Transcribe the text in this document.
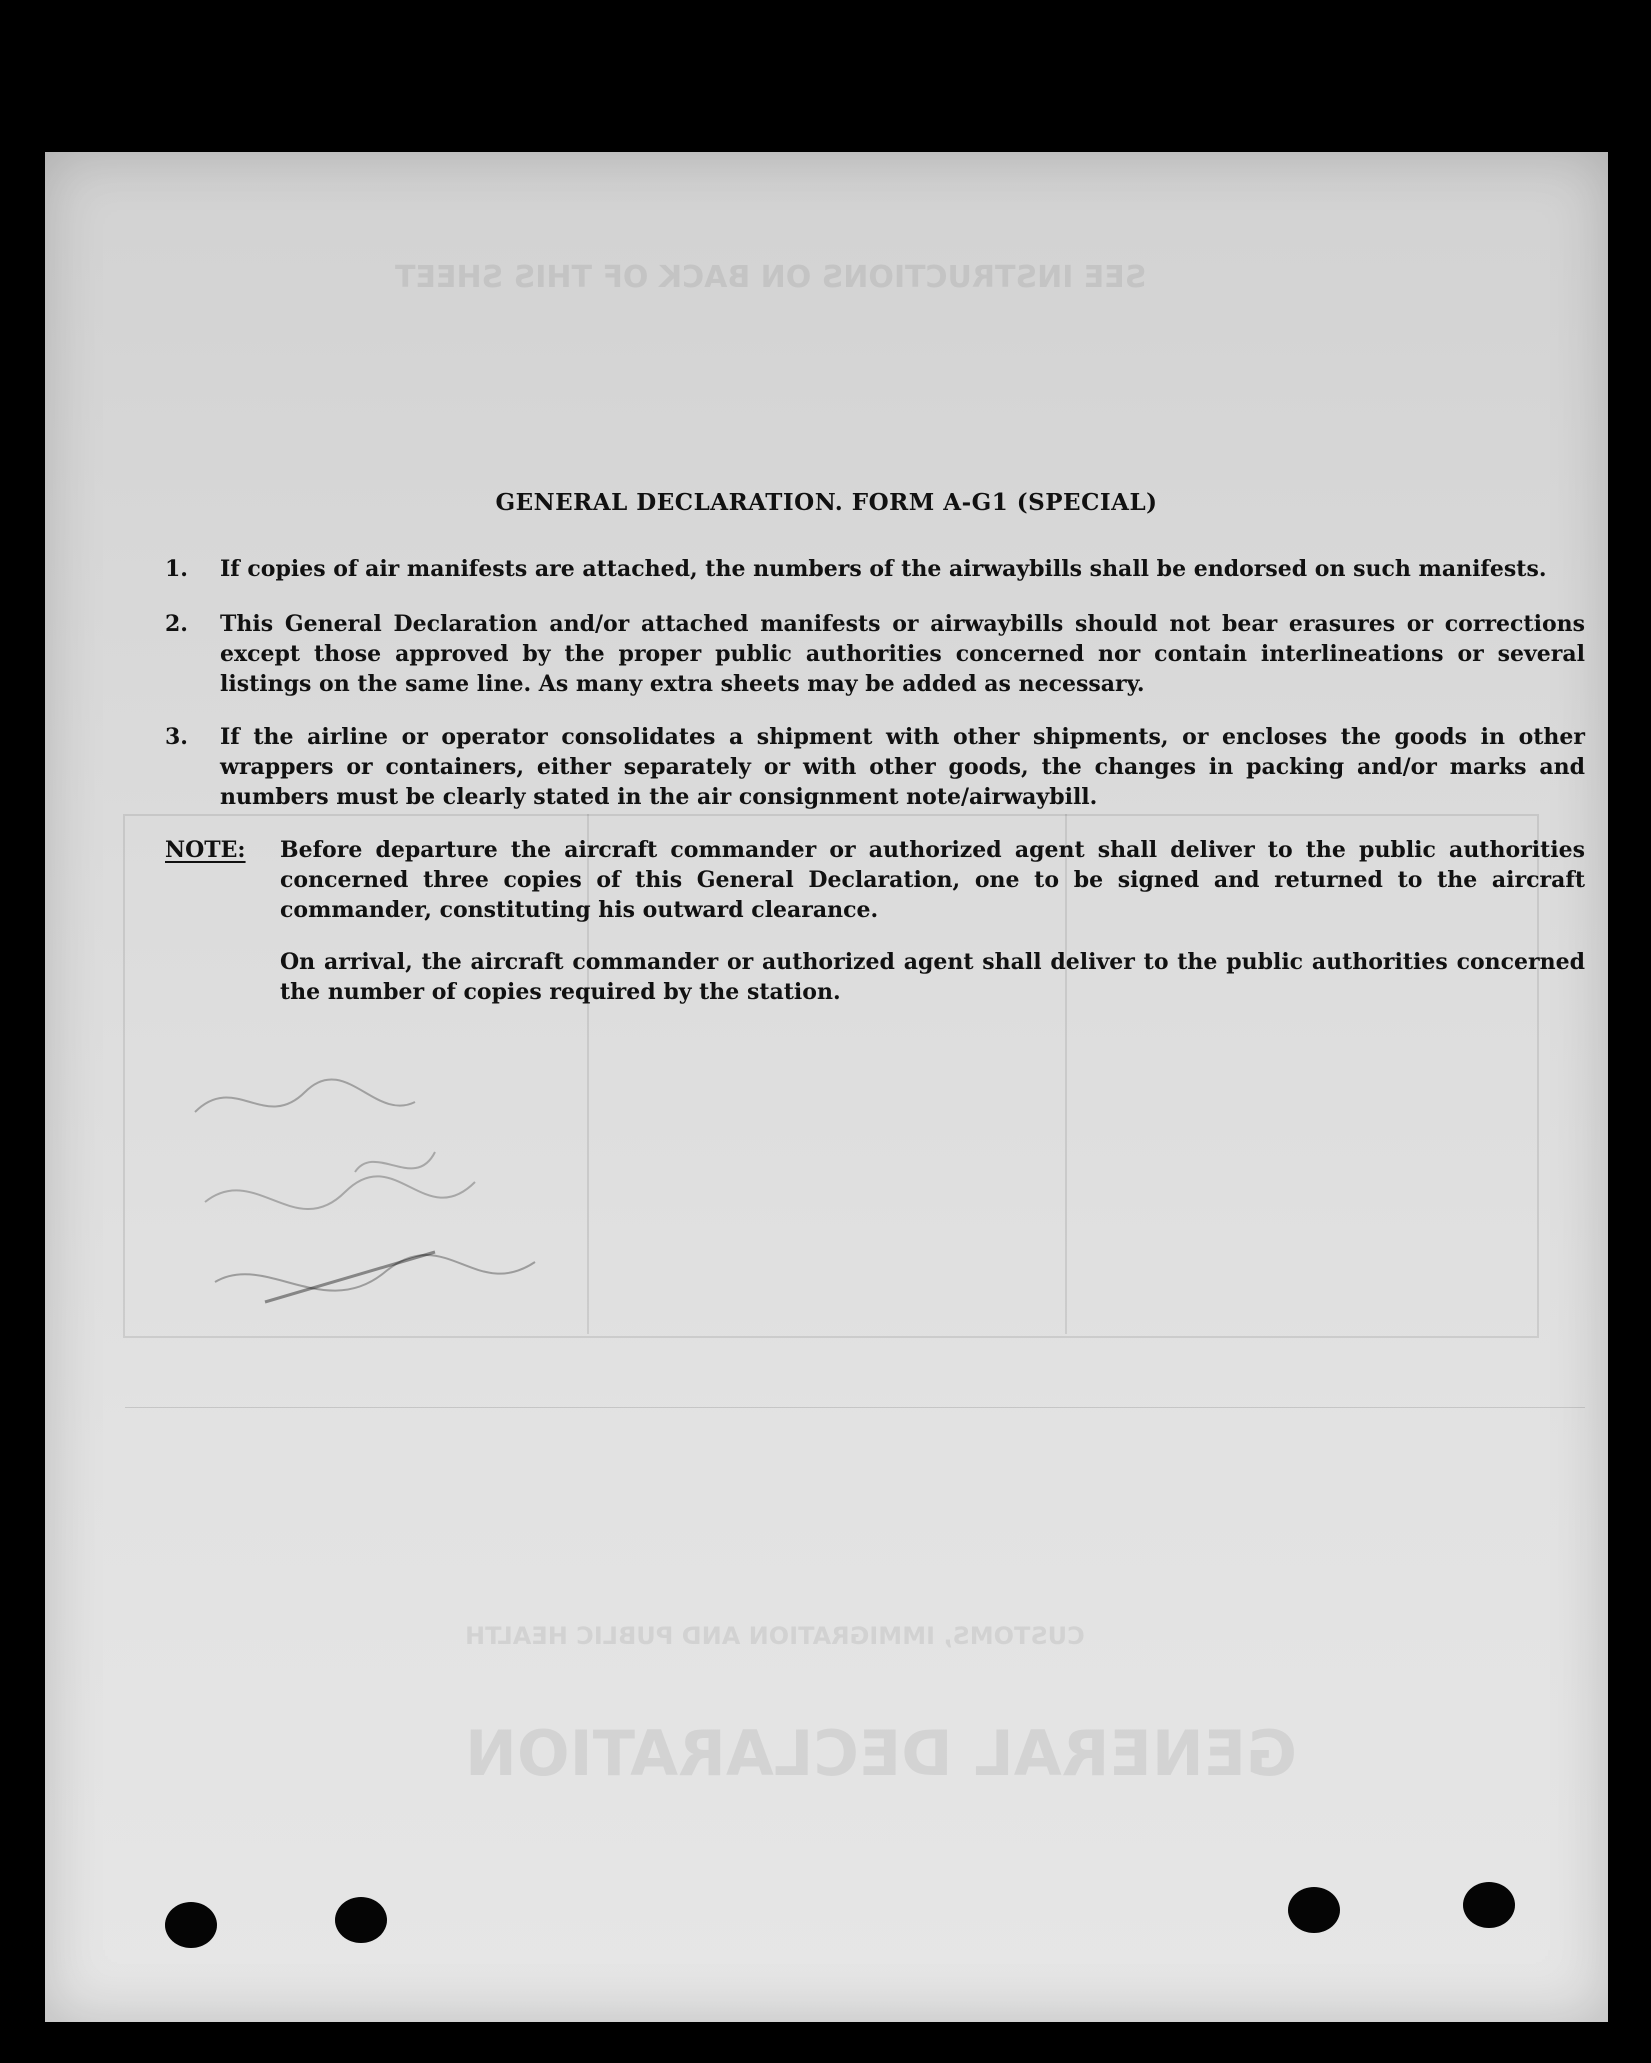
SEE INSTRUCTIONS ON BACK OF THIS SHEET
CUSTOMS, IMMIGRATION AND PUBLIC HEALTH
GENERAL DECLARATION
GENERAL DECLARATION. FORM A-G1 (SPECIAL)
1.	If copies of air manifests are attached, the numbers of the airwaybills shall be endorsed on such manifests.
2.	This General Declaration and/or attached manifests or airwaybills should not bear erasures or corrections except those approved by the proper public authorities concerned nor contain interlineations or several listings on the same line. As many extra sheets may be added as necessary.
3.	If the airline or operator consolidates a shipment with other shipments, or encloses the goods in other wrappers or containers, either separately or with other goods, the changes in packing and/or marks and numbers must be clearly stated in the air consignment note/airwaybill.
NOTE: Before departure the aircraft commander or authorized agent shall deliver to the public authorities concerned three copies of this General Declaration, one to be signed and returned to the aircraft commander, constituting his outward clearance.
On arrival, the aircraft commander or authorized agent shall deliver to the public authorities concerned the number of copies required by the station.
